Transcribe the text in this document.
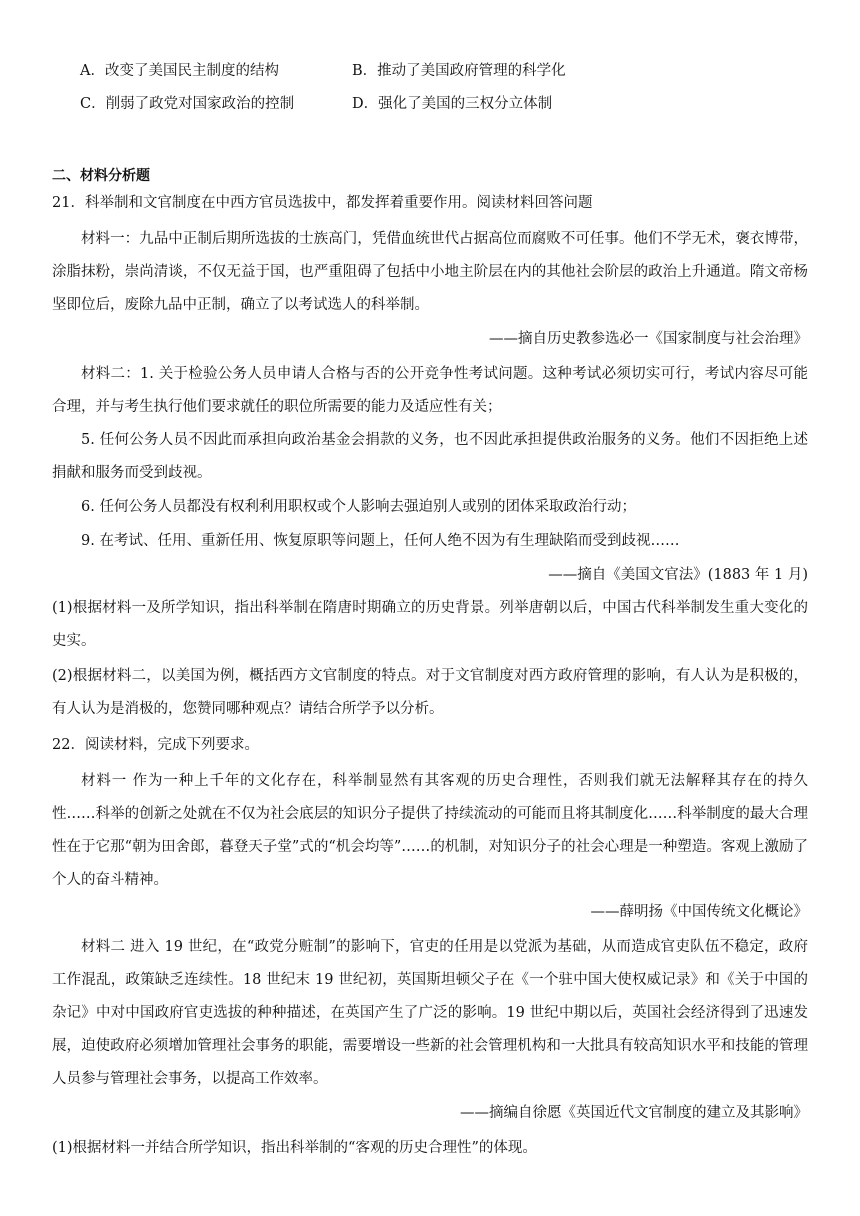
A．改变了美国民主制度的结构	B．推动了美国政府管理的科学化
C．削弱了政党对国家政治的控制	D．强化了美国的三权分立体制
二、材料分析题
21．科举制和文官制度在中西方官员选拔中，都发挥着重要作用。阅读材料回答问题
材料一：九品中正制后期所选拔的士族高门，凭借血统世代占据高位而腐败不可任事。他们不学无术，褒衣博带，涂脂抹粉，崇尚清谈，不仅无益于国，也严重阻碍了包括中小地主阶层在内的其他社会阶层的政治上升通道。隋文帝杨坚即位后，废除九品中正制，确立了以考试选人的科举制。
——摘自历史教参选必一《国家制度与社会治理》
材料二：1. 关于检验公务人员申请人合格与否的公开竞争性考试问题。这种考试必须切实可行，考试内容尽可能合理，并与考生执行他们要求就任的职位所需要的能力及适应性有关；
5. 任何公务人员不因此而承担向政治基金会捐款的义务，也不因此承担提供政治服务的义务。他们不因拒绝上述捐献和服务而受到歧视。
6. 任何公务人员都没有权利利用职权或个人影响去强迫别人或别的团体采取政治行动；
9. 在考试、任用、重新任用、恢复原职等问题上，任何人绝不因为有生理缺陷而受到歧视……
——摘自《美国文官法》(1883 年 1 月)
(1)根据材料一及所学知识，指出科举制在隋唐时期确立的历史背景。列举唐朝以后，中国古代科举制发生重大变化的史实。
(2)根据材料二，以美国为例，概括西方文官制度的特点。对于文官制度对西方政府管理的影响，有人认为是积极的，有人认为是消极的，您赞同哪种观点？请结合所学予以分析。
22．阅读材料，完成下列要求。
材料一 作为一种上千年的文化存在，科举制显然有其客观的历史合理性，否则我们就无法解释其存在的持久性……科举的创新之处就在不仅为社会底层的知识分子提供了持续流动的可能而且将其制度化……科举制度的最大合理性在于它那“朝为田舍郎，暮登天子堂”式的“机会均等”……的机制，对知识分子的社会心理是一种塑造。客观上激励了个人的奋斗精神。
——薛明扬《中国传统文化概论》
材料二 进入 19 世纪，在“政党分赃制”的影响下，官吏的任用是以党派为基础，从而造成官吏队伍不稳定，政府工作混乱，政策缺乏连续性。18 世纪末 19 世纪初，英国斯坦顿父子在《一个驻中国大使权威记录》和《关于中国的杂记》中对中国政府官吏选拔的种种描述，在英国产生了广泛的影响。19 世纪中期以后，英国社会经济得到了迅速发展，迫使政府必须增加管理社会事务的职能，需要增设一些新的社会管理机构和一大批具有较高知识水平和技能的管理人员参与管理社会事务，以提高工作效率。
——摘编自徐愿《英国近代文官制度的建立及其影响》
(1)根据材料一并结合所学知识，指出科举制的“客观的历史合理性”的体现。
